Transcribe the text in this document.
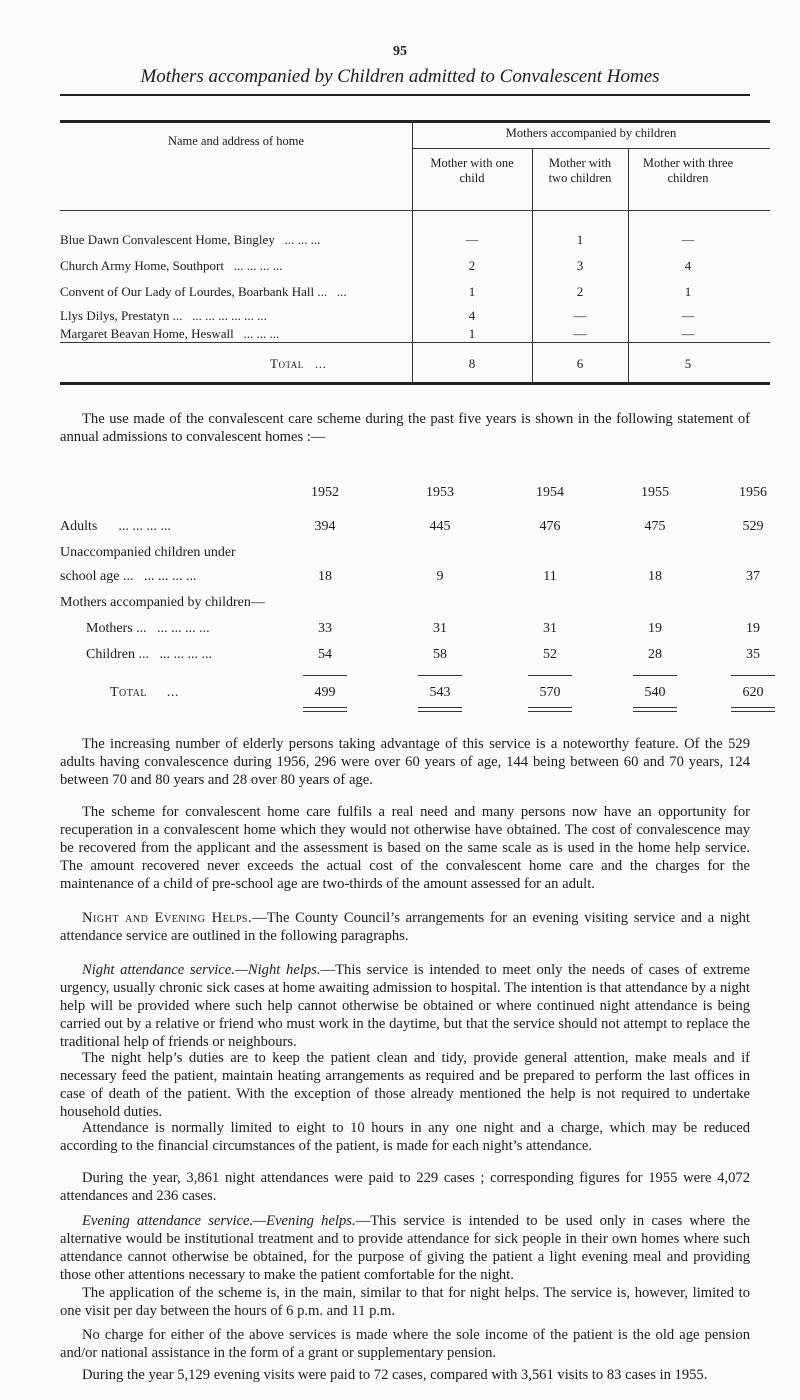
95
Mothers accompanied by Children admitted to Convalescent Homes
Name and address of home
Mothers accompanied by children
Mother with one child
Mother with two children
Mother with three children
Blue Dawn Convalescent Home, Bingley ... ... ...	—	1	—
Church Army Home, Southport ... ... ... ...	2	3	4
Convent of Our Lady of Lourdes, Boarbank Hall ... ...	1	2	1
Llys Dilys, Prestatyn ... ... ... ... ... ... ...	4	—	—
Margaret Beavan Home, Heswall ... ... ...	1	—	—
Total ...	8	6	5
The use made of the convalescent care scheme during the past five years is shown in the following statement of annual admissions to convalescent homes :—
1952	1953	1954	1955	1956
Adults ... ... ... ...	394	445	476	475	529
Unaccompanied children under
school age ... ... ... ... ...	18	9	11	18	37
Mothers accompanied by children—
Mothers ... ... ... ... ...	33	31	31	19	19
Children ... ... ... ... ...	54	58	52	28	35
Total ...	499	543	570	540	620
The increasing number of elderly persons taking advantage of this service is a noteworthy feature. Of the 529 adults having convalescence during 1956, 296 were over 60 years of age, 144 being between 60 and 70 years, 124 between 70 and 80 years and 28 over 80 years of age.
The scheme for convalescent home care fulfils a real need and many persons now have an opportunity for recuperation in a convalescent home which they would not otherwise have obtained. The cost of convalescence may be recovered from the applicant and the assessment is based on the same scale as is used in the home help service. The amount recovered never exceeds the actual cost of the convalescent home care and the charges for the maintenance of a child of pre-school age are two-thirds of the amount assessed for an adult.
Night and Evening Helps.—The County Council’s arrangements for an evening visiting service and a night attendance service are outlined in the following paragraphs.
Night attendance service.—Night helps.—This service is intended to meet only the needs of cases of extreme urgency, usually chronic sick cases at home awaiting admission to hospital. The intention is that attendance by a night help will be provided where such help cannot otherwise be obtained or where continued night attendance is being carried out by a relative or friend who must work in the daytime, but that the service should not attempt to replace the traditional help of friends or neighbours.
The night help’s duties are to keep the patient clean and tidy, provide general attention, make meals and if necessary feed the patient, maintain heating arrangements as required and be prepared to perform the last offices in case of death of the patient. With the exception of those already mentioned the help is not required to undertake household duties.
Attendance is normally limited to eight to 10 hours in any one night and a charge, which may be reduced according to the financial circumstances of the patient, is made for each night’s attendance.
During the year, 3,861 night attendances were paid to 229 cases ; corresponding figures for 1955 were 4,072 attendances and 236 cases.
Evening attendance service.—Evening helps.—This service is intended to be used only in cases where the alternative would be institutional treatment and to provide attendance for sick people in their own homes where such attendance cannot otherwise be obtained, for the purpose of giving the patient a light evening meal and providing those other attentions necessary to make the patient comfortable for the night.
The application of the scheme is, in the main, similar to that for night helps. The service is, however, limited to one visit per day between the hours of 6 p.m. and 11 p.m.
No charge for either of the above services is made where the sole income of the patient is the old age pension and/or national assistance in the form of a grant or supplementary pension.
During the year 5,129 evening visits were paid to 72 cases, compared with 3,561 visits to 83 cases in 1955.
